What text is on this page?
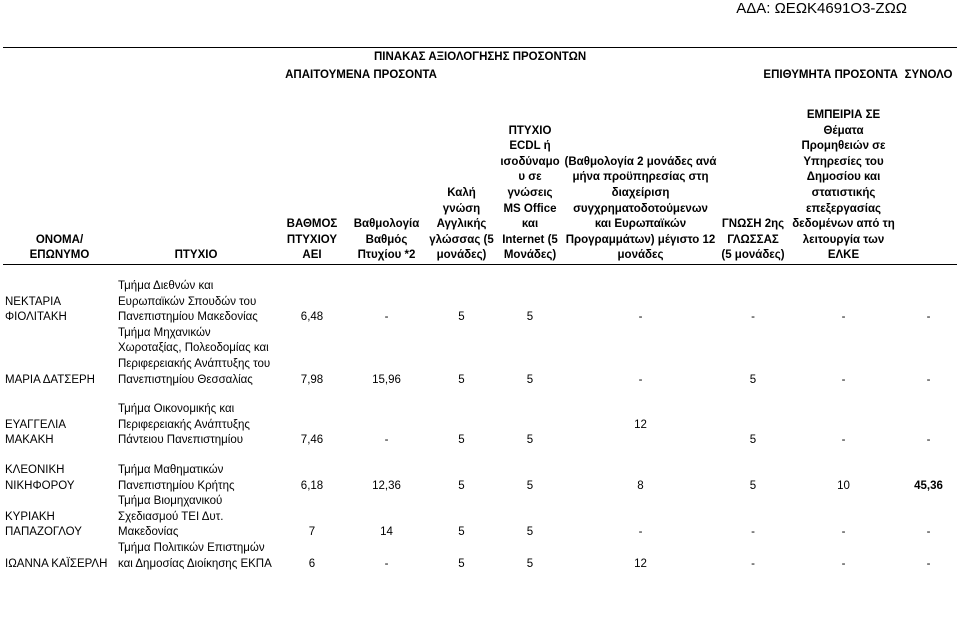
ΑΔΑ: ΩΕΩΚ4691Ο3-ΖΩΩ
ΠΙΝΑΚΑΣ ΑΞΙΟΛΟΓΗΣΗΣ ΠΡΟΣΟΝΤΩΝ									
ΑΠΑΙΤΟΥΜΕΝΑ ΠΡΟΣΟΝΤΑ							ΕΠΙΘΥΜΗΤΑ ΠΡΟΣΟΝΤΑ		ΣΥΝΟΛΟ
ΟΝΟΜΑ/ ΕΠΩΝΥΜΟ	ΠΤΥΧΙΟ	ΒΑΘΜΟΣ ΠΤΥΧΙΟΥ ΑΕΙ	Βαθμολογία Βαθμός Πτυχίου *2	Καλή γνώση Αγγλικής γλώσσας (5 μονάδες)	ΠΤΥΧΙΟ ECDL ή ισοδύναμο υ σε γνώσεις MS Office και Internet (5 Μονάδες)	(Βαθμολογία 2 μονάδες ανά μήνα προϋπηρεσίας στη διαχείριση συγχρηματοδοτούμενων και Ευρωπαϊκών Προγραμμάτων) μέγιστο 12 μονάδες	ΓΝΩΣΗ 2ης ΓΛΩΣΣΑΣ (5 μονάδες)	ΕΜΠΕΙΡΙΑ ΣΕ Θέματα Προμηθειών σε Υπηρεσίες του Δημοσίου και στατιστικής επεξεργασίας δεδομένων από τη λειτουργία των ΕΛΚΕ	

ΝΕΚΤΑΡΙΑ ΦΙΟΛΙΤΑΚΗ	Τμήμα Διεθνών και Ευρωπαϊκών Σπουδών του Πανεπιστημίου Μακεδονίας	6,48	-	5	5	-	-	-	-
ΜΑΡΙΑ ΔΑΤΣΕΡΗ	Τμήμα Μηχανικών Χωροταξίας, Πολεοδομίας και Περιφερειακής Ανάπτυξης του Πανεπιστημίου Θεσσαλίας	7,98	15,96	5	5	-	5	-	-

ΕΥΑΓΓΕΛΙΑ ΜΑΚΑΚΗ	Τμήμα Οικονομικής και Περιφερειακής Ανάπτυξης Πάντειου Πανεπιστημίου	7,46	-	5	5	12	5	-	-

ΚΛΕΟΝΙΚΗ ΝΙΚΗΦΟΡΟΥ	Τμήμα Μαθηματικών Πανεπιστημίου Κρήτης	6,18	12,36	5	5	8	5	10	45,36
ΚΥΡΙΑΚΗ ΠΑΠΑΖΟΓΛΟΥ	Τμήμα Βιομηχανικού Σχεδιασμού ΤΕΙ Δυτ. Μακεδονίας	7	14	5	5	-	-	-	-
ΙΩΑΝΝΑ ΚΑΪΣΕΡΛΗ	Τμήμα Πολιτικών Επιστημών και Δημοσίας Διοίκησης ΕΚΠΑ	6	-	5	5	12	-	-	-
